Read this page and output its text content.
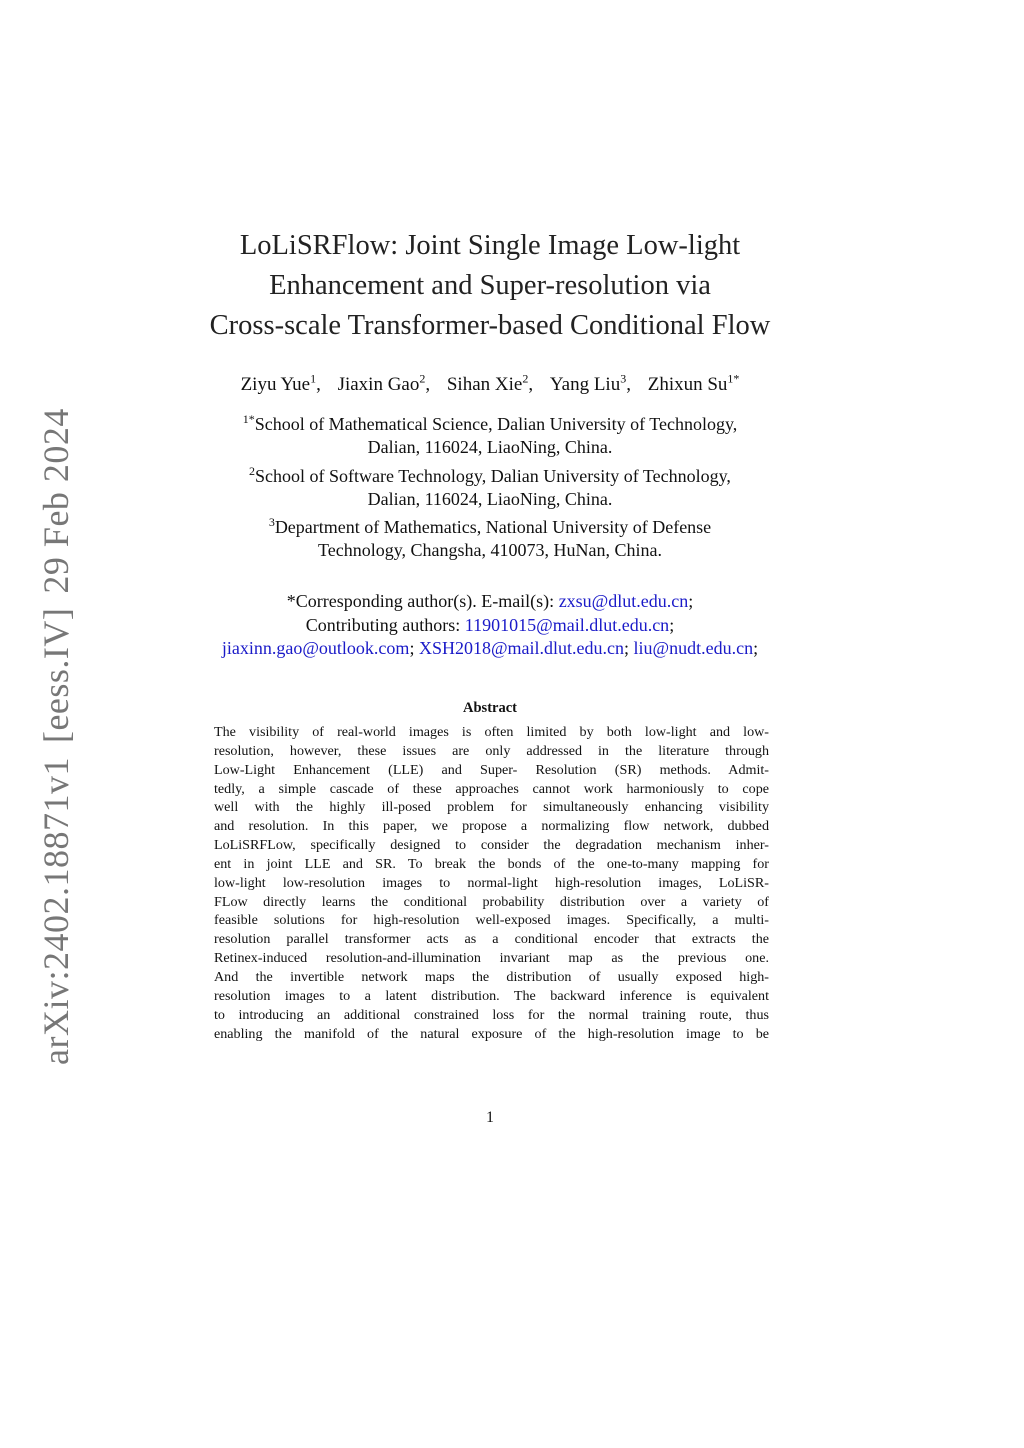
arXiv:2402.18871v1[eess.IV]29 Feb 2024
LoLiSRFlow: Joint Single Image Low-light
Enhancement and Super-resolution via
Cross-scale Transformer-based Conditional Flow
Ziyu Yue$^1$, Jiaxin Gao$^2$, Sihan Xie$^2$, Yang Liu$^3$, Zhixun $Su^{1*}$
$^{1*}$School of Mathematical Science, Dalian University of Technology,
Dalian, 116024, LiaoNing, China.
$^2$School of Software Technology, Dalian University of Technology,
Dalian, 116024, LiaoNing, China.
$^3$Department of Mathematics, National University of Defense
Technology, Changsha, 410073, HuNan, China.
*Corresponding author(s). E-mail(s): zxsu@dlut.edu.cn;
Contributing authors: 11901015@mail.dlut.edu.cn;
jiaxinn.gao@outlook.com; XSH2018@mail.dlut.edu.cn; liu@nudt.edu.cn;
Abstract
The visibility of real-world images is often limited by both low-light and low-
resolution, however, these issues are only addressed in the literature through
Low-Light Enhancement (LLE) and Super- Resolution (SR) methods. Admit-
tedly, a simple cascade of these approaches cannot work harmoniously to cope
well with the highly ill-posed problem for simultaneously enhancing visibility
and resolution. In this paper, we propose a normalizing flow network, dubbed
LoLiSRFLow, specifically designed to consider the degradation mechanism inher-
ent in joint LLE and SR. To break the bonds of the one-to-many mapping for
low-light low-resolution images to normal-light high-resolution images, LoLiSR-
FLow directly learns the conditional probability distribution over a variety of
feasible solutions for high-resolution well-exposed images. Specifically, a multi-
resolution parallel transformer acts as a conditional encoder that extracts the
Retinex-induced resolution-and-illumination invariant map as the previous one.
And the invertible network maps the distribution of usually exposed high-
resolution images to a latent distribution. The backward inference is equivalent
to introducing an additional constrained loss for the normal training route, thus
enabling the manifold of the natural exposure of the high-resolution image to be
1
